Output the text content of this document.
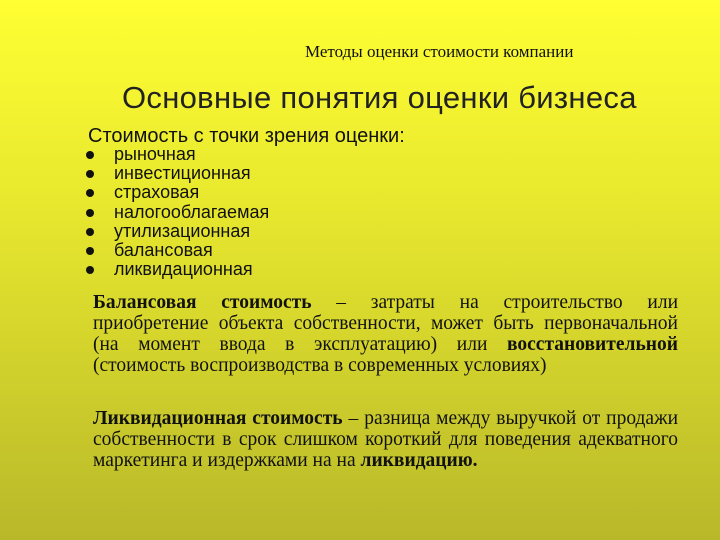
Методы оценки стоимости компании
Основные понятия оценки бизнеса
Стоимость с точки зрения оценки:
рыночная
инвестиционная
страховая
налогооблагаемая
утилизационная
балансовая
ликвидационная
Балансовая стоимость – затраты на строительство или приобретение объекта собственности, может быть первоначальной (на момент ввода в эксплуатацию) или восстановительной (стоимость воспроизводства в современных условиях)
Ликвидационная стоимость – разница между выручкой от продажи собственности в срок слишком короткий для поведения адекватного маркетинга и издержками на на ликвидацию.
